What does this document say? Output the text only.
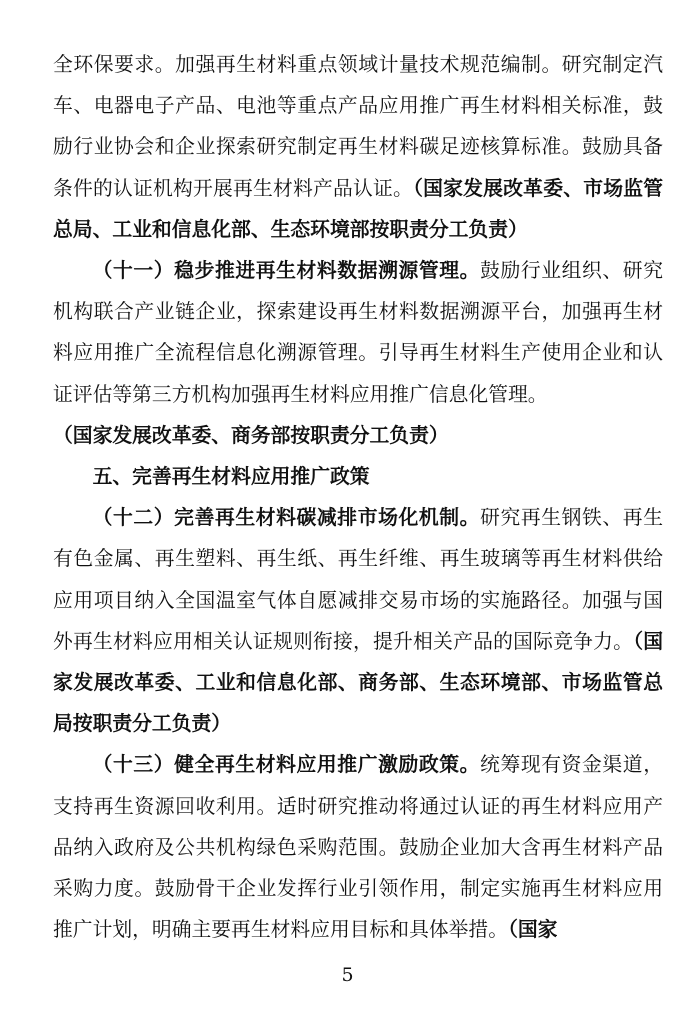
全环保要求。加强再生材料重点领域计量技术规范编制。研究制定汽车、电器电子产品、电池等重点产品应用推广再生材料相关标准，鼓励行业协会和企业探索研究制定再生材料碳足迹核算标准。鼓励具备条件的认证机构开展再生材料产品认证。（国家发展改革委、市场监管总局、工业和信息化部、生态环境部按职责分工负责）

（十一）稳步推进再生材料数据溯源管理。鼓励行业组织、研究机构联合产业链企业，探索建设再生材料数据溯源平台，加强再生材料应用推广全流程信息化溯源管理。引导再生材料生产使用企业和认证评估等第三方机构加强再生材料应用推广信息化管理。

（国家发展改革委、商务部按职责分工负责）

五、完善再生材料应用推广政策

（十二）完善再生材料碳减排市场化机制。研究再生钢铁、再生有色金属、再生塑料、再生纸、再生纤维、再生玻璃等再生材料供给应用项目纳入全国温室气体自愿减排交易市场的实施路径。加强与国外再生材料应用相关认证规则衔接，提升相关产品的国际竞争力。（国家发展改革委、工业和信息化部、商务部、生态环境部、市场监管总局按职责分工负责）

（十三）健全再生材料应用推广激励政策。统筹现有资金渠道，支持再生资源回收利用。适时研究推动将通过认证的再生材料应用产品纳入政府及公共机构绿色采购范围。鼓励企业加大含再生材料产品采购力度。鼓励骨干企业发挥行业引领作用，制定实施再生材料应用推广计划，明确主要再生材料应用目标和具体举措。（国家

5
